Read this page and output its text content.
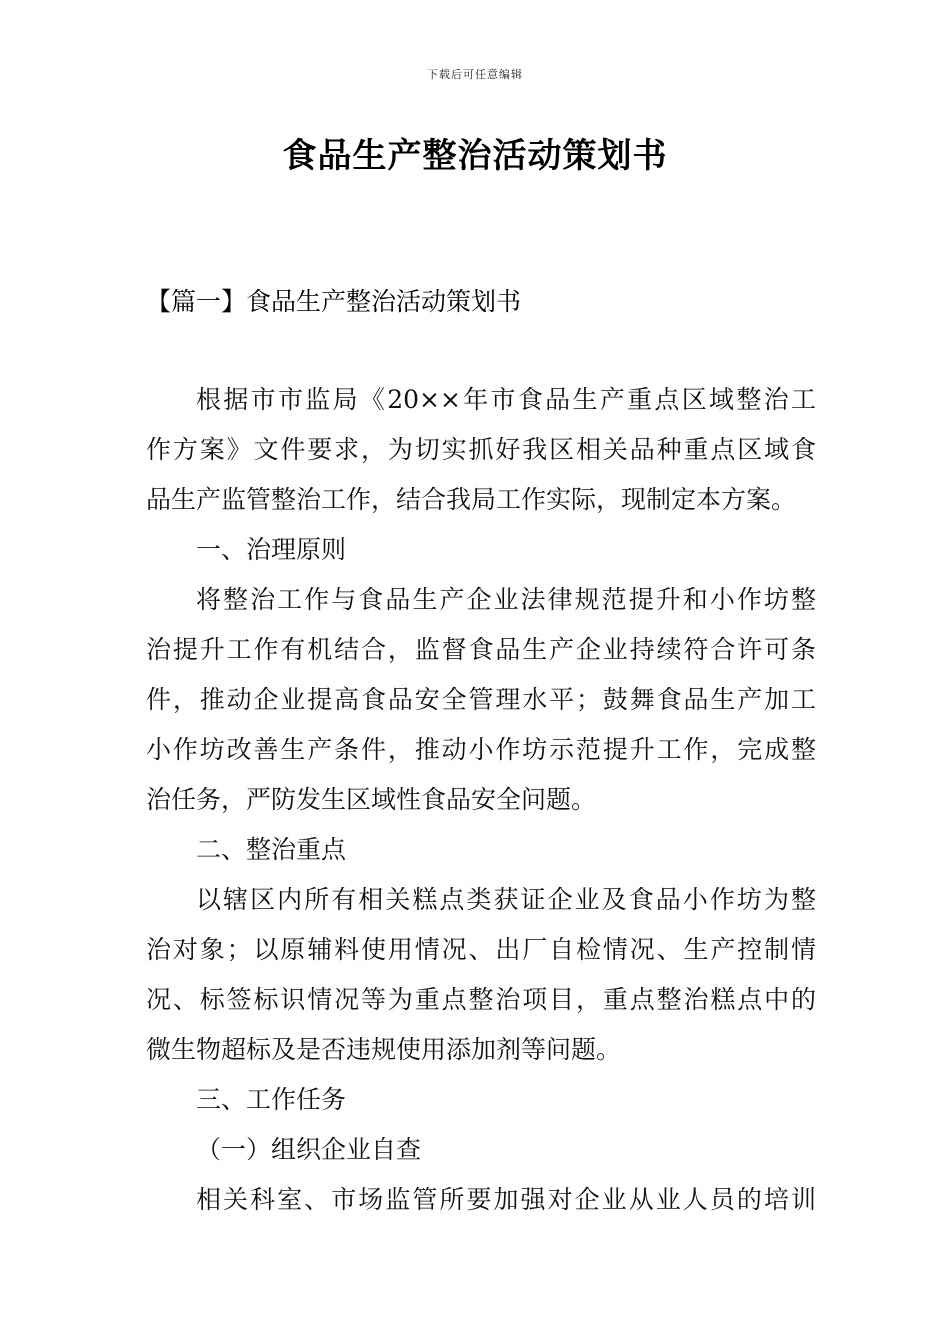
下载后可任意编辑
食品生产整治活动策划书
【篇一】食品生产整治活动策划书
根据市市监局《20××年市食品生产重点区域整治工
作方案》文件要求，为切实抓好我区相关品种重点区域食
品生产监管整治工作，结合我局工作实际，现制定本方案。
一、治理原则
将整治工作与食品生产企业法律规范提升和小作坊整
治提升工作有机结合，监督食品生产企业持续符合许可条
件，推动企业提高食品安全管理水平；鼓舞食品生产加工
小作坊改善生产条件，推动小作坊示范提升工作，完成整
治任务，严防发生区域性食品安全问题。
二、整治重点
以辖区内所有相关糕点类获证企业及食品小作坊为整
治对象；以原辅料使用情况、出厂自检情况、生产控制情
况、标签标识情况等为重点整治项目，重点整治糕点中的
微生物超标及是否违规使用添加剂等问题。
三、工作任务
（一）组织企业自查
相关科室、市场监管所要加强对企业从业人员的培训
